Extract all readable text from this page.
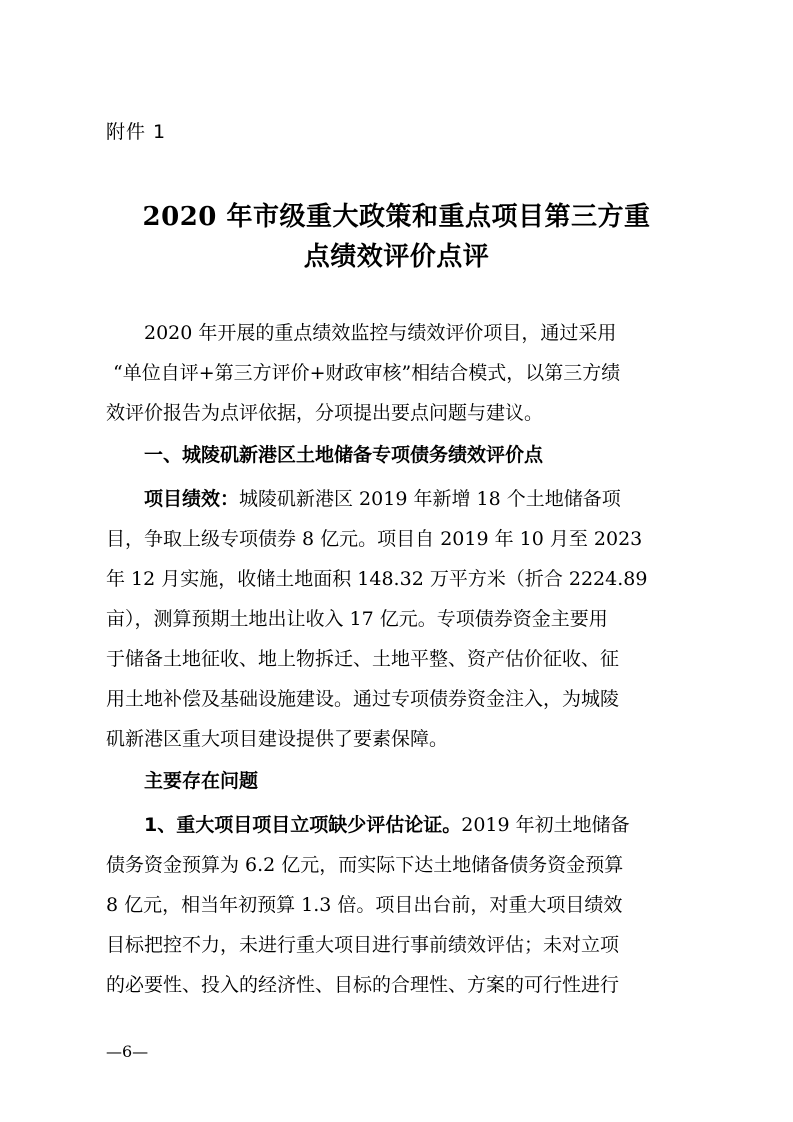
附件 1
2020 年市级重大政策和重点项目第三方重
点绩效评价点评
2020 年开展的重点绩效监控与绩效评价项目，通过采用
“单位自评+第三方评价+财政审核”相结合模式，以第三方绩
效评价报告为点评依据，分项提出要点问题与建议。
一、城陵矶新港区土地储备专项债务绩效评价点
项目绩效：城陵矶新港区 2019 年新增 18 个土地储备项
目，争取上级专项债券 8 亿元。项目自 2019 年 10 月至 2023
年 12 月实施，收储土地面积 148.32 万平方米（折合 2224.89
亩），测算预期土地出让收入 17 亿元。专项债券资金主要用
于储备土地征收、地上物拆迁、土地平整、资产估价征收、征
用土地补偿及基础设施建设。通过专项债券资金注入，为城陵
矶新港区重大项目建设提供了要素保障。
主要存在问题
1、重大项目项目立项缺少评估论证。2019 年初土地储备
债务资金预算为 6.2 亿元，而实际下达土地储备债务资金预算
8 亿元，相当年初预算 1.3 倍。项目出台前，对重大项目绩效
目标把控不力，未进行重大项目进行事前绩效评估；未对立项
的必要性、投入的经济性、目标的合理性、方案的可行性进行
—6—
